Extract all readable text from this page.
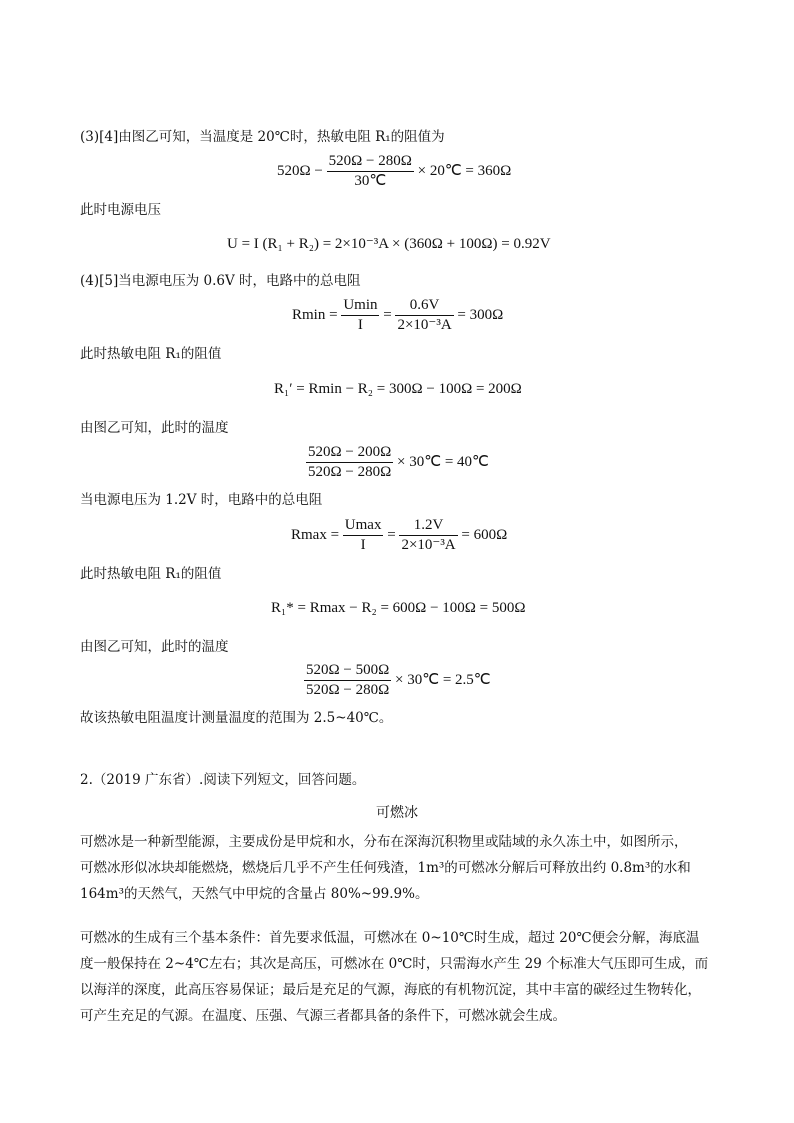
(3)[4]由图乙可知，当温度是 20℃时，热敏电阻 R₁的阻值为
$520\Omega - \frac{520\Omega - 280\Omega}{30℃}$ × 20℃ = 360Ω
此时电源电压
U = I (R₁ + R₂) = 2×10⁻³A × (360Ω + 100Ω) = 0.92V
(4)[5]当电源电压为 0.6V 时，电路中的总电阻
$Rmin = \frac{Umin}{I} = \frac{0.6V}{\text{2×10⁻³A}} = 300\Omega$
此时热敏电阻 R₁的阻值
R₁′ = Rmin − R₂ = 300Ω − 100Ω = 200Ω
由图乙可知，此时的温度
$\frac{520\Omega - 200\Omega}{520\Omega - 280\Omega}$ × 30℃ = 40℃
当电源电压为 1.2V 时，电路中的总电阻
$Rmax = \frac{Umax}{I} = \frac{1.2V}{\text{2×10⁻³A}} = 600\Omega$
此时热敏电阻 R₁的阻值
R₁* = Rmax − R₂ = 600Ω − 100Ω = 500Ω
由图乙可知，此时的温度
$\frac{520\Omega - 500\Omega}{520\Omega - 280\Omega}$ × 30℃ = 2.5℃
故该热敏电阻温度计测量温度的范围为 2.5~40℃。
2.（2019 广东省）.阅读下列短文，回答问题。
可燃冰
可燃冰是一种新型能源，主要成份是甲烷和水，分布在深海沉积物里或陆域的永久冻土中，如图所示，
可燃冰形似冰块却能燃烧，燃烧后几乎不产生任何残渣，1m³的可燃冰分解后可释放出约 0.8m³的水和
164m³的天然气，天然气中甲烷的含量占 80%~99.9%。
可燃冰的生成有三个基本条件：首先要求低温，可燃冰在 0~10℃时生成，超过 20℃便会分解，海底温
度一般保持在 2~4℃左右；其次是高压，可燃冰在 0℃时，只需海水产生 29 个标准大气压即可生成，而
以海洋的深度，此高压容易保证；最后是充足的气源，海底的有机物沉淀，其中丰富的碳经过生物转化，
可产生充足的气源。在温度、压强、气源三者都具备的条件下，可燃冰就会生成。
